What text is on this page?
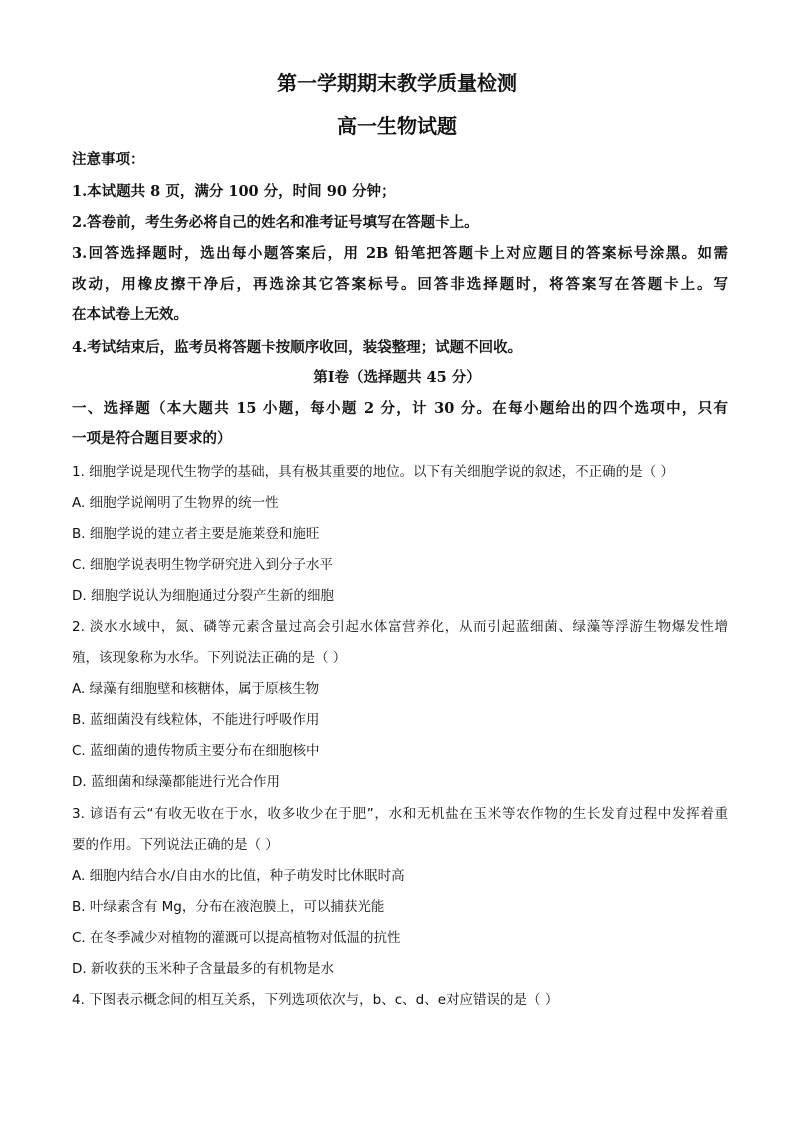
第一学期期末教学质量检测
高一生物试题
注意事项：
1.本试题共 8 页，满分 100 分，时间 90 分钟；
2.答卷前，考生务必将自己的姓名和准考证号填写在答题卡上。
3.回答选择题时，选出每小题答案后，用 2B 铅笔把答题卡上对应题目的答案标号涂黑。如需
改动，用橡皮擦干净后，再选涂其它答案标号。回答非选择题时，将答案写在答题卡上。写
在本试卷上无效。
4.考试结束后，监考员将答题卡按顺序收回，装袋整理；试题不回收。
第Ⅰ卷（选择题共 45 分）
一、选择题（本大题共 15 小题，每小题 2 分，计 30 分。在每小题给出的四个选项中，只有
一项是符合题目要求的）
1. 细胞学说是现代生物学的基础，具有极其重要的地位。以下有关细胞学说的叙述，不正确的是（ ）
A. 细胞学说阐明了生物界的统一性
B. 细胞学说的建立者主要是施莱登和施旺
C. 细胞学说表明生物学研究进入到分子水平
D. 细胞学说认为细胞通过分裂产生新的细胞
2. 淡水水域中，氮、磷等元素含量过高会引起水体富营养化，从而引起蓝细菌、绿藻等浮游生物爆发性增
殖，该现象称为水华。下列说法正确的是（ ）
A. 绿藻有细胞壁和核糖体，属于原核生物
B. 蓝细菌没有线粒体，不能进行呼吸作用
C. 蓝细菌的遗传物质主要分布在细胞核中
D. 蓝细菌和绿藻都能进行光合作用
3. 谚语有云“有收无收在于水，收多收少在于肥”，水和无机盐在玉米等农作物的生长发育过程中发挥着重
要的作用。下列说法正确的是（ ）
A. 细胞内结合水/自由水的比值，种子萌发时比休眠时高
B. 叶绿素含有 Mg，分布在液泡膜上，可以捕获光能
C. 在冬季减少对植物的灌溉可以提高植物对低温的抗性
D. 新收获的玉米种子含量最多的有机物是水
4. 下图表示概念间的相互关系，下列选项依次与，b、c、d、e对应错误的是（ ）
